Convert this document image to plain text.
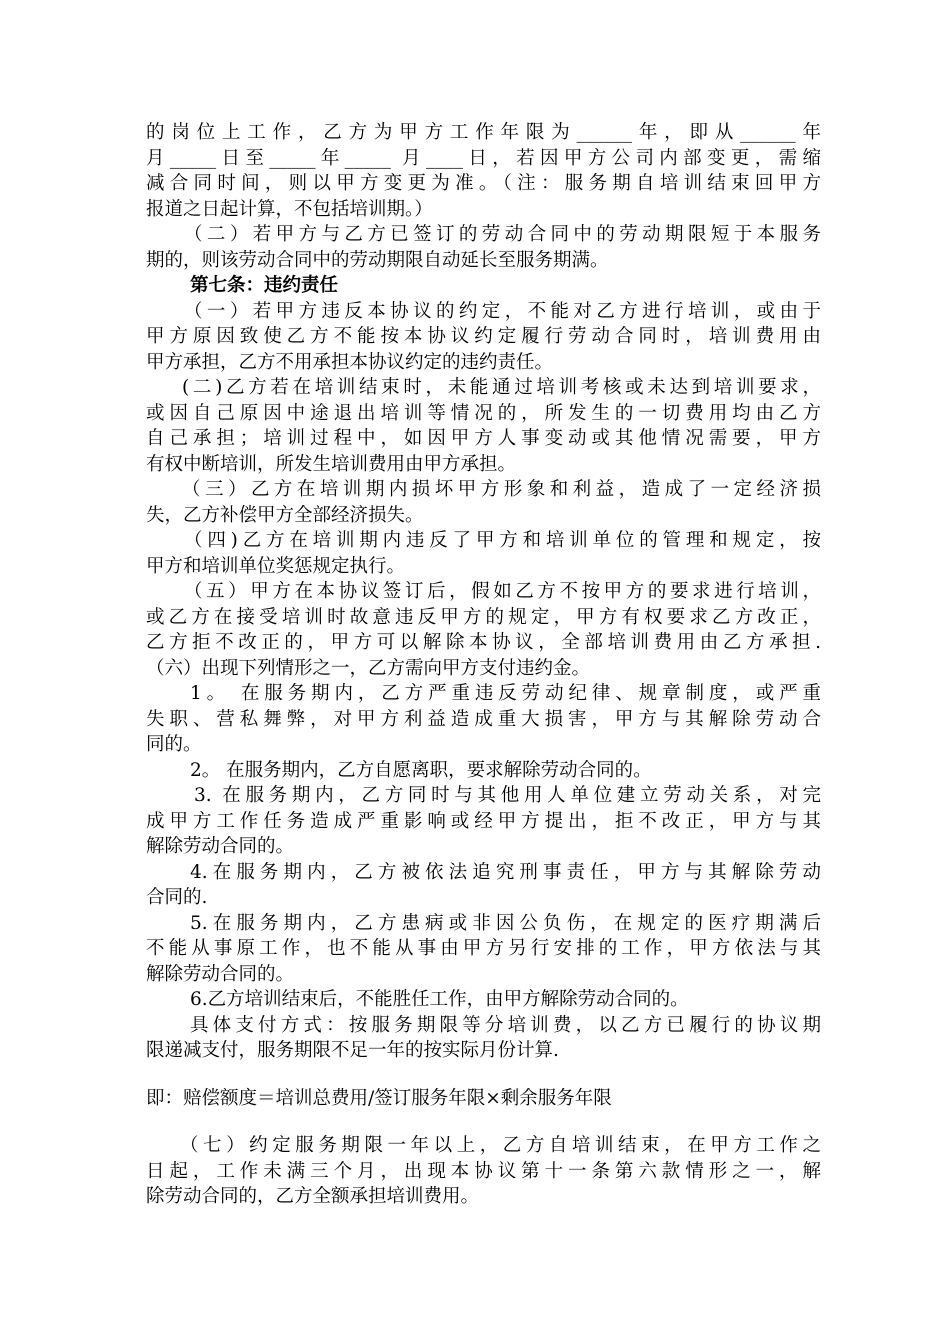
的岗位上工作，乙方为甲方工作年限为______年，即从______年
月_____日至_____年_____ 月____日，若因甲方公司内部变更，需缩
减合同时间，则以甲方变更为准。（注：服务期自培训结束回甲方
报道之日起计算，不包括培训期。）
（二）若甲方与乙方已签订的劳动合同中的劳动期限短于本服务
期的，则该劳动合同中的劳动期限自动延长至服务期满。
第七条：违约责任
（一）若甲方违反本协议的约定，不能对乙方进行培训，或由于
甲方原因致使乙方不能按本协议约定履行劳动合同时，培训费用由
甲方承担，乙方不用承担本协议约定的违约责任。
(二)乙方若在培训结束时，未能通过培训考核或未达到培训要求，
或因自己原因中途退出培训等情况的，所发生的一切费用均由乙方
自己承担；培训过程中，如因甲方人事变动或其他情况需要，甲方
有权中断培训，所发生培训费用由甲方承担。
（三）乙方在培训期内损坏甲方形象和利益，造成了一定经济损
失，乙方补偿甲方全部经济损失。
（四)乙方在培训期内违反了甲方和培训单位的管理和规定，按
甲方和培训单位奖惩规定执行。
（五）甲方在本协议签订后，假如乙方不按甲方的要求进行培训，
或乙方在接受培训时故意违反甲方的规定，甲方有权要求乙方改正，
乙方拒不改正的，甲方可以解除本协议，全部培训费用由乙方承担.
（六）出现下列情形之一，乙方需向甲方支付违约金。
1。 在服务期内，乙方严重违反劳动纪律、规章制度，或严重
失职、营私舞弊，对甲方利益造成重大损害，甲方与其解除劳动合
同的。
2。 在服务期内，乙方自愿离职，要求解除劳动合同的。
3. 在服务期内，乙方同时与其他用人单位建立劳动关系，对完
成甲方工作任务造成严重影响或经甲方提出，拒不改正，甲方与其
解除劳动合同的。
4.在服务期内，乙方被依法追究刑事责任，甲方与其解除劳动
合同的.
5.在服务期内，乙方患病或非因公负伤，在规定的医疗期满后
不能从事原工作，也不能从事由甲方另行安排的工作，甲方依法与其
解除劳动合同的。
6.乙方培训结束后，不能胜任工作，由甲方解除劳动合同的。
具体支付方式：按服务期限等分培训费，以乙方已履行的协议期
限递减支付，服务期限不足一年的按实际月份计算.
即：赔偿额度＝培训总费用/签订服务年限×剩余服务年限
（七）约定服务期限一年以上，乙方自培训结束，在甲方工作之
日起，工作未满三个月，出现本协议第十一条第六款情形之一，解
除劳动合同的，乙方全额承担培训费用。
